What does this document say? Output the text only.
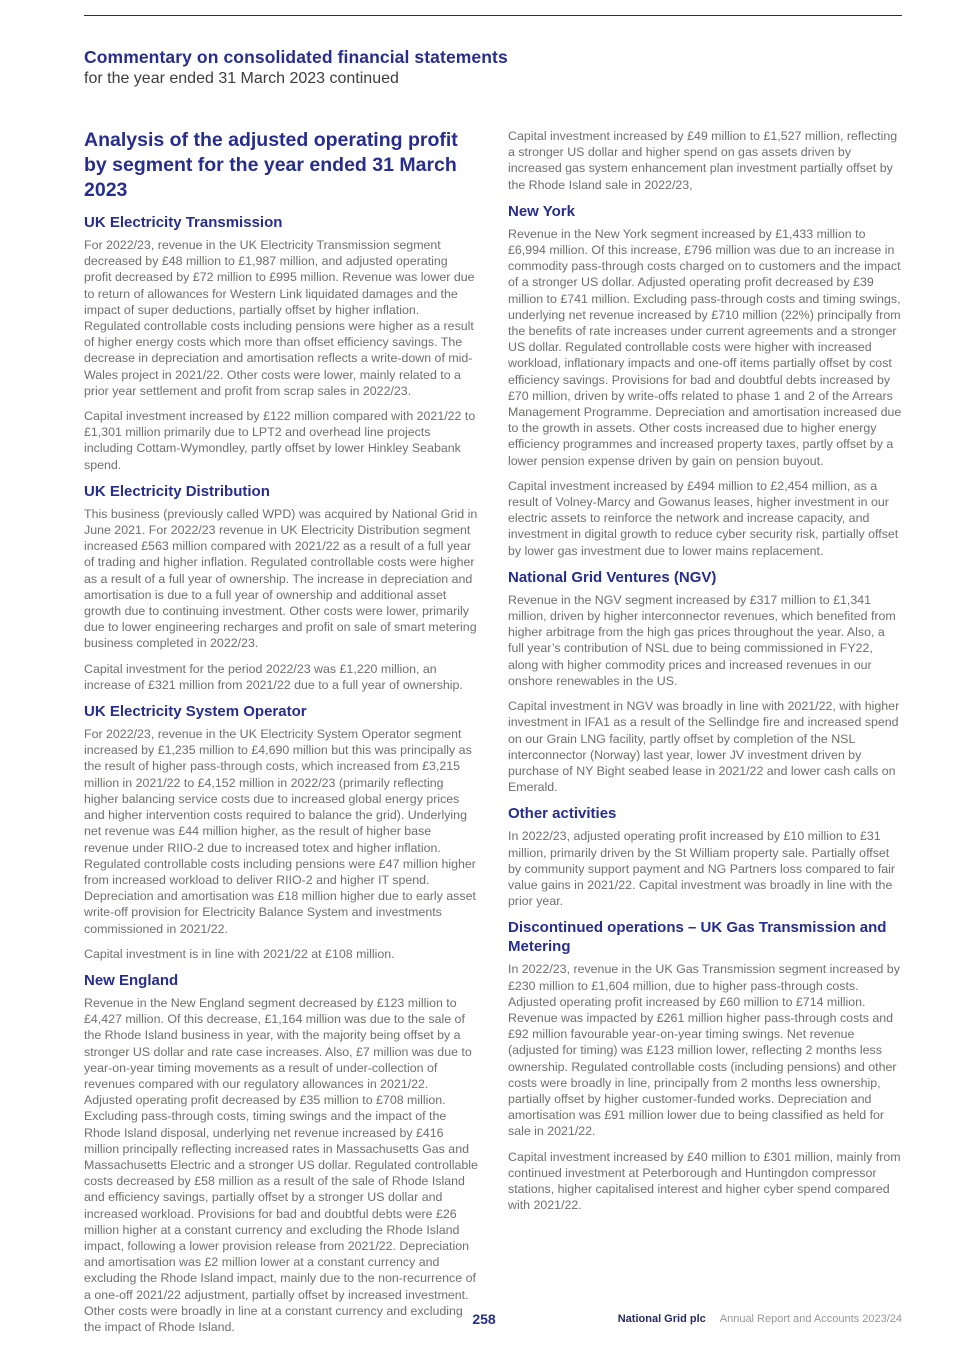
Commentary on consolidated financial statements

for the year ended 31 March 2023 continued

Analysis of the adjusted operating profit by segment for the year ended 31 March 2023
UK Electricity Transmission

For 2022/23, revenue in the UK Electricity Transmission segment decreased by £48 million to £1,987 million, and adjusted operating profit decreased by £72 million to £995 million. Revenue was lower due to return of allowances for Western Link liquidated damages and the impact of super deductions, partially offset by higher inflation. Regulated controllable costs including pensions were higher as a result of higher energy costs which more than offset efficiency savings. The decrease in depreciation and amortisation reflects a write-down of mid-Wales project in 2021/22. Other costs were lower, mainly related to a prior year settlement and profit from scrap sales in 2022/23.

Capital investment increased by £122 million compared with 2021/22 to £1,301 million primarily due to LPT2 and overhead line projects including Cottam-Wymondley, partly offset by lower Hinkley Seabank spend.

UK Electricity Distribution

This business (previously called WPD) was acquired by National Grid in June 2021. For 2022/23 revenue in UK Electricity Distribution segment increased £563 million compared with 2021/22 as a result of a full year of trading and higher inflation. Regulated controllable costs were higher as a result of a full year of ownership. The increase in depreciation and amortisation is due to a full year of ownership and additional asset growth due to continuing investment. Other costs were lower, primarily due to lower engineering recharges and profit on sale of smart metering business completed in 2022/23.

Capital investment for the period 2022/23 was £1,220 million, an increase of £321 million from 2021/22 due to a full year of ownership.

UK Electricity System Operator

For 2022/23, revenue in the UK Electricity System Operator segment increased by £1,235 million to £4,690 million but this was principally as the result of higher pass-through costs, which increased from £3,215 million in 2021/22 to £4,152 million in 2022/23 (primarily reflecting higher balancing service costs due to increased global energy prices and higher intervention costs required to balance the grid). Underlying net revenue was £44 million higher, as the result of higher base revenue under RIIO-2 due to increased totex and higher inflation. Regulated controllable costs including pensions were £47 million higher from increased workload to deliver RIIO-2 and higher IT spend. Depreciation and amortisation was £18 million higher due to early asset write-off provision for Electricity Balance System and investments commissioned in 2021/22.

Capital investment is in line with 2021/22 at £108 million.

New England

Revenue in the New England segment decreased by £123 million to £4,427 million. Of this decrease, £1,164 million was due to the sale of the Rhode Island business in year, with the majority being offset by a stronger US dollar and rate case increases. Also, £7 million was due to year-on-year timing movements as a result of under-collection of revenues compared with our regulatory allowances in 2021/22. Adjusted operating profit decreased by £35 million to £708 million. Excluding pass-through costs, timing swings and the impact of the Rhode Island disposal, underlying net revenue increased by £416 million principally reflecting increased rates in Massachusetts Gas and Massachusetts Electric and a stronger US dollar. Regulated controllable costs decreased by £58 million as a result of the sale of Rhode Island and efficiency savings, partially offset by a stronger US dollar and increased workload. Provisions for bad and doubtful debts were £26 million higher at a constant currency and excluding the Rhode Island impact, following a lower provision release from 2021/22. Depreciation and amortisation was £2 million lower at a constant currency and excluding the Rhode Island impact, mainly due to the non-recurrence of a one-off 2021/22 adjustment, partially offset by increased investment. Other costs were broadly in line at a constant currency and excluding the impact of Rhode Island.

Capital investment increased by £49 million to £1,527 million, reflecting a stronger US dollar and higher spend on gas assets driven by increased gas system enhancement plan investment partially offset by the Rhode Island sale in 2022/23,

New York

Revenue in the New York segment increased by £1,433 million to £6,994 million. Of this increase, £796 million was due to an increase in commodity pass-through costs charged on to customers and the impact of a stronger US dollar. Adjusted operating profit decreased by £39 million to £741 million. Excluding pass-through costs and timing swings, underlying net revenue increased by £710 million (22%) principally from the benefits of rate increases under current agreements and a stronger US dollar. Regulated controllable costs were higher with increased workload, inflationary impacts and one-off items partially offset by cost efficiency savings. Provisions for bad and doubtful debts increased by £70 million, driven by write-offs related to phase 1 and 2 of the Arrears Management Programme. Depreciation and amortisation increased due to the growth in assets. Other costs increased due to higher energy efficiency programmes and increased property taxes, partly offset by a lower pension expense driven by gain on pension buyout.

Capital investment increased by £494 million to £2,454 million, as a result of Volney-Marcy and Gowanus leases, higher investment in our electric assets to reinforce the network and increase capacity, and investment in digital growth to reduce cyber security risk, partially offset by lower gas investment due to lower mains replacement.

National Grid Ventures (NGV)

Revenue in the NGV segment increased by £317 million to £1,341 million, driven by higher interconnector revenues, which benefited from higher arbitrage from the high gas prices throughout the year. Also, a full year’s contribution of NSL due to being commissioned in FY22, along with higher commodity prices and increased revenues in our onshore renewables in the US.

Capital investment in NGV was broadly in line with 2021/22, with higher investment in IFA1 as a result of the Sellindge fire and increased spend on our Grain LNG facility, partly offset by completion of the NSL interconnector (Norway) last year, lower JV investment driven by purchase of NY Bight seabed lease in 2021/22 and lower cash calls on Emerald.

Other activities

In 2022/23, adjusted operating profit increased by £10 million to £31 million, primarily driven by the St William property sale. Partially offset by community support payment and NG Partners loss compared to fair value gains in 2021/22. Capital investment was broadly in line with the prior year.

Discontinued operations – UK Gas Transmission and Metering

In 2022/23, revenue in the UK Gas Transmission segment increased by £230 million to £1,604 million, due to higher pass-through costs. Adjusted operating profit increased by £60 million to £714 million. Revenue was impacted by £261 million higher pass-through costs and £92 million favourable year-on-year timing swings. Net revenue (adjusted for timing) was £123 million lower, reflecting 2 months less ownership. Regulated controllable costs (including pensions) and other costs were broadly in line, principally from 2 months less ownership, partially offset by higher customer-funded works. Depreciation and amortisation was £91 million lower due to being classified as held for sale in 2021/22.

Capital investment increased by £40 million to £301 million, mainly from continued investment at Peterborough and Huntingdon compressor stations, higher capitalised interest and higher cyber spend compared with 2021/22.

258	National Grid plc Annual Report and Accounts 2023/24
